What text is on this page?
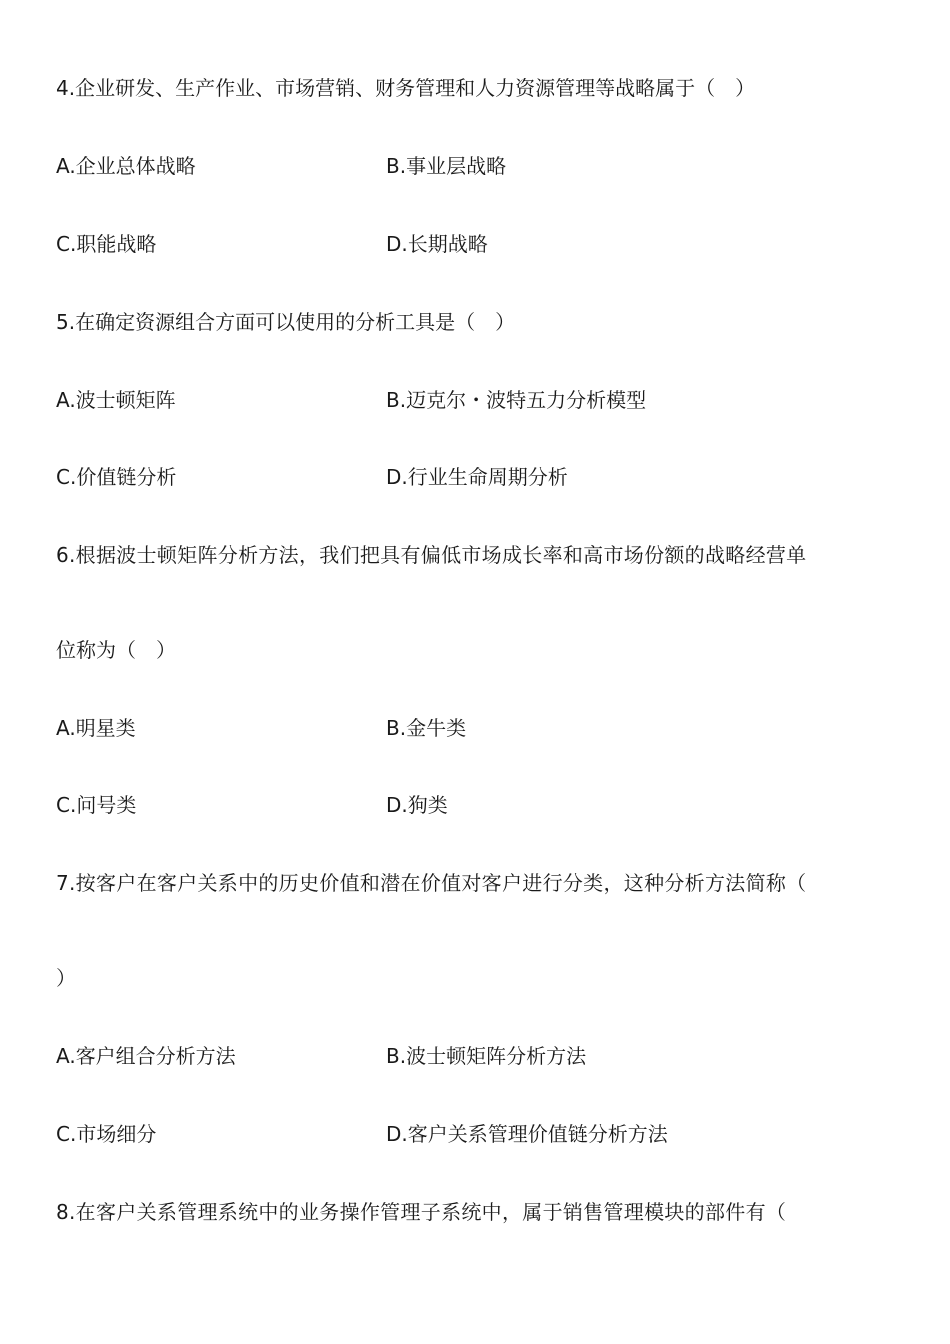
4.企业研发、生产作业、市场营销、财务管理和人力资源管理等战略属于（　）
A.企业总体战略	B.事业层战略
C.职能战略	D.长期战略
5.在确定资源组合方面可以使用的分析工具是（　）
A.波士顿矩阵	B.迈克尔・波特五力分析模型
C.价值链分析	D.行业生命周期分析
6.根据波士顿矩阵分析方法，我们把具有偏低市场成长率和高市场份额的战略经营单
位称为（　）
A.明星类	B.金牛类
C.问号类	D.狗类
7.按客户在客户关系中的历史价值和潜在价值对客户进行分类，这种分析方法简称（
）
A.客户组合分析方法	B.波士顿矩阵分析方法
C.市场细分	D.客户关系管理价值链分析方法
8.在客户关系管理系统中的业务操作管理子系统中，属于销售管理模块的部件有（
